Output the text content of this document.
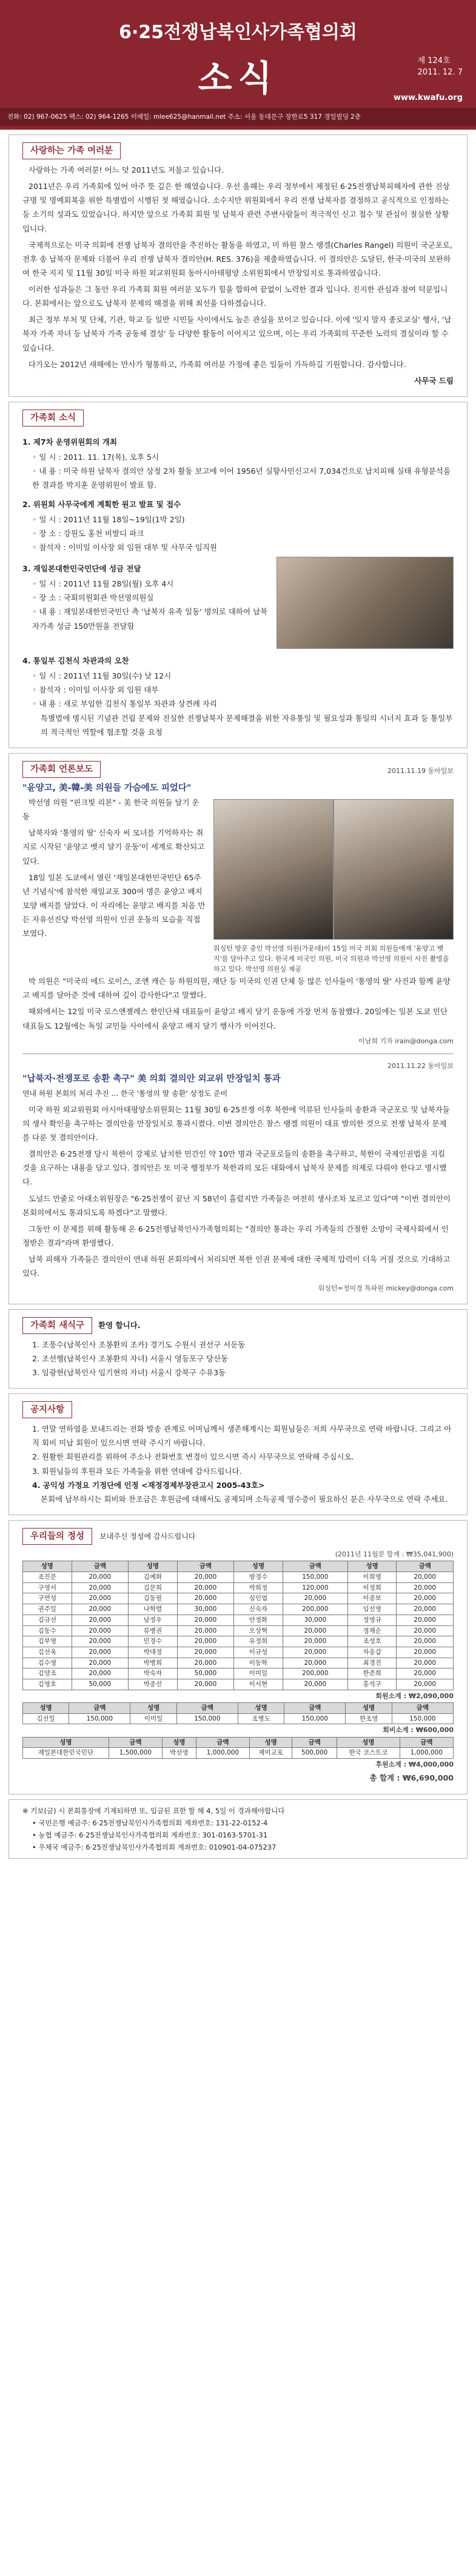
6·25전쟁납북인사가족협의회
소식	제 124호
2011. 12. 7
www.kwafu.org
전화: 02) 967-0625 팩스: 02) 964-1265 이메일: mlee625@hanmail.net 주소: 서울 동대문구 장한로5 317 경일빌딩 2층
사랑하는 가족 여러분

사랑하는 가족 여러분! 어느 덧 2011년도 저물고 있습니다.

2011년은 우리 가족회에 있어 아주 뜻 깊은 한 해였습니다. 우선 올해는 우리 정부에서 제정된 6·25전쟁납북피해자에 관한 진상규명 및 명예회복을 위한 특별법이 시행된 첫 해였습니다. 소수지만 위원회에서 우리 전쟁 납북자를 결정하고 공식적으로 인정하는 등 소기의 성과도 있었습니다. 하지만 앞으로 가족회 회원 및 납북자 관련 주변사람들이 적극적인 신고 접수 및 관심이 절실한 상황입니다.

국제적으로는 미국 의회에 전쟁 납북자 결의안을 추진하는 활동을 하였고, 미 하원 찰스 랭겔(Charles Rangel) 의원이 국군포로, 전후 송 납북자 문제와 더불어 우리 전쟁 납북자 결의안(H. RES. 376)을 제출하였습니다. 이 결의안은 도달된, 한국·미국의 보완하여 한국 지지 및 11월 30일 미국 하원 외교위원회 동아시아태평양 소위원회에서 만장일치로 통과하였습니다.

이러한 성과들은 그 동안 우리 가족회 회원 여러분 모두가 힘을 합하여 끝없이 노력한 결과 입니다. 진지한 관심과 참여 덕분입니다. 본회에서는 앞으로도 납북자 문제의 해결을 위해 최선을 다하겠습니다.

최근 정부 부처 및 단체, 기관, 학교 등 일반 시민들 사이에서도 높은 관심을 보이고 있습니다. 이에 '잊지 말자 종로교실' 행사, '납북자 가족 자녀 등 납북자 가족 공동체 결성' 등 다양한 활동이 이어지고 있으며, 이는 우리 가족회의 꾸준한 노력의 결실이라 할 수 있습니다.

다가오는 2012년 새해에는 만사가 형통하고, 가족회 여러분 가정에 좋은 일들이 가득하길 기원합니다. 감사합니다.

사무국 드림
가족회 소식
1. 제7차 운영위원회의 개최
◦ 일 시 : 2011. 11. 17(목), 오후 5시
◦ 내 용 : 미국 하원 납북자 결의안 상정 2차 활동 보고에 이어 1956년 실향사민신고서 7,034건으로 납치피해 실태 유형분석을 한 결과를 박지훈 운영위원이 발표 함.
2. 위원회 사무국에게 계획한 원고 발표 및 접수
◦ 일 시 : 2011년 11월 18일~19일(1박 2일)
◦ 장 소 : 강원도 홍천 비발디 파크
◦ 참석자 : 이미일 이사장 외 임원 대부 및 사무국 임직원
3. 재일본대한민국민단에 성금 전달
◦ 일 시 : 2011년 11월 28일(월) 오후 4시
◦ 장 소 : 국회의원회관 박선영의원실
◦ 내 용 : 재일본대한민국민단 측 '납북자 유족 일동' 명의로 대하여 납북자가족 성금 150만원을 전달함
4. 통일부 김천식 차관과의 오찬
◦ 일 시 : 2011년 11월 30일(수) 낮 12시
◦ 참석자 : 이미일 이사장 외 임원 대부
◦ 내 용 : 새로 부임한 김천식 통일부 차관과 상견례 자리
특별법에 명시된 기념관 건립 문제와 진실한 전쟁납북자 문제해결을 위한 자유통일 및 필요성과 통일의 시너지 효과 등 통일부의 적극적인 역할에 협조할 것을 요청
가족회 언론보도	2011.11.19 동아일보
"윤양고, 美-韓-美 의원들 가슴에도 피었다"

박선영 의원 "핀크빛 리본" - 美 한국 의원들 달기 운동

납북자와 '통영의 딸' 신숙자 씨 모녀를 기억하자는 취지로 시작된 '윤양고 뱃지 달기 운동'이 세계로 확산되고 있다.

18일 일본 도쿄에서 열린 '재일본대한민국민단 65주년 기념식'에 참석한 재일교포 300여 명은 윤양고 배지 모양 배지를 달았다. 이 자리에는 윤양고 배지를 처음 만든 자유선진당 박선영 의원이 인권 운동의 모습을 직접 보였다.

워싱턴 방문 중인 박선영 의원(가운데)이 15일 미국 의회 의원들에게 '윤양고 뱃지'를 달아주고 있다. 한국계 미국인 의원, 미국 의원과 박선영 의원이 사진 촬영을 하고 있다. 박선영 의원실 제공

박 의원은 "미국의 에드 로이스, 조앤 캐슨 등 하원의원, 재단 등 미국의 인권 단체 등 많은 인사들이 '통영의 딸' 사진과 함께 윤양고 배지를 달아준 것에 대하여 깊이 감사한다"고 말했다.

해외에서는 12일 미국 로스앤젤레스 한인단체 대표들이 윤양고 배지 달기 운동에 가장 먼저 동참했다. 20일에는 일본 도쿄 민단 대표들도 12월에는 독일 교민들 사이에서 윤양고 배지 달기 행사가 이어진다.

이남희 기자 irain@donga.com
2011.11.22 동아일보
"납북자·전쟁포로 송환 촉구" 美 의회 결의안 외교위 만장일치 통과
연내 하원 본회의 처리 추진 ... 한국 '통영의 딸 송환' 상정도 준비

미국 하원 외교위원회 아시아태평양소위원회는 11월 30일 6·25전쟁 이후 북한에 억류된 인사들의 송환과 국군포로 및 납북자들의 생사 확인을 촉구하는 결의안을 만장일치로 통과시켰다. 이번 결의안은 찰스 랭겔 의원이 대표 발의한 것으로 전쟁 납북자 문제를 다룬 첫 결의안이다.

결의안은 6·25전쟁 당시 북한이 강제로 납치한 민간인 약 10만 명과 국군포로들의 송환을 촉구하고, 북한이 국제인권법을 지킬 것을 요구하는 내용을 담고 있다. 결의안은 또 미국 행정부가 북한과의 모든 대화에서 납북자 문제를 의제로 다뤄야 한다고 명시했다.

도널드 만줄로 아태소위원장은 "6·25전쟁이 끝난 지 58년이 흘렀지만 가족들은 여전히 생사조차 모르고 있다"며 "이번 결의안이 본회의에서도 통과되도록 하겠다"고 말했다.

그동안 이 문제를 위해 활동해 온 6·25전쟁납북인사가족협의회는 "결의안 통과는 우리 가족들의 간절한 소망이 국제사회에서 인정받은 결과"라며 환영했다.

납북 피해자 가족들은 결의안이 연내 하원 본회의에서 처리되면 북한 인권 문제에 대한 국제적 압력이 더욱 커질 것으로 기대하고 있다.

워싱턴=정미경 특파원 mickey@donga.com
가족회 새식구 환영 합니다.
1. 조풍수(납북인사 조봉환의 조카) 경기도 수원시 권선구 서둔동
2. 조선행(납북인사 조봉환의 자녀) 서울시 영등포구 당산동
3. 임광현(납북인사 임기현의 자녀) 서울시 강북구 수유3동
공지사항
1. 연말 연하엽을 보내드리는 전화 발송 관계로 어머님께서 생존해계시는 회원님들은 저희 사무국으로 연락 바랍니다. 그리고 아직 회비 미납 회원이 있으시면 연락 주시기 바랍니다.
2. 원활한 회원관리를 위하여 주소나 전화번호 변경이 있으시면 즉시 사무국으로 연락해 주십시오.
3. 회원님들의 후원과 모든 가족들을 위한 연대에 감사드립니다.
4. 공익성 가정요 기정단에 인정 <재정경제부장관고시 2005-43호>
본회에 납부하시는 회비와 찬조금은 후원금에 대해서도 공제되며 소득공제 영수증이 필요하신 분은 사무국으로 연락 주세요.
우리들의 정성 보내주신 정성에 감사드립니다
(2011년 11월분 합계 : ₩35,041,900)
성명	금액	성명	금액	성명	금액	성명	금액
조진문	20,000	김예화	20,000	방경수	150,000	이희영	20,000
구영서	20,000	김문희	20,000	박희정	120,000	이정희	20,000
구연성	20,000	김동필	20,000	심인엽	20,000	이종보	20,000
권주일	20,000	나학렬	30,000	신숙자	200,000	임선영	20,000
김규선	20,000	남정우	20,000	안정화	30,000	정영규	20,000
김동수	20,000	류병권	20,000	오상혁	20,000	정재순	20,000
김부영	20,000	민경수	20,000	유정희	20,000	조성호	20,000
김선욱	20,000	박대정	20,000	이규성	20,000	차웅갑	20,000
김수영	20,000	박병희	20,000	이동학	20,000	최경진	20,000
김양조	20,000	박숙자	50,000	이미일	200,000	한준희	20,000
김영호	50,000	박종선	20,000	이서현	20,000	홍석구	20,000
회원소계 : ₩2,090,000
성명	금액	성명	금액	성명	금액	성명	금액
김선일	150,000	이미일	150,000	조병도	150,000	한조영	150,000
회비소계 : ₩600,000
성명	금액	성명	금액	성명	금액	성명	금액
재일본대한민국민단	1,500,000	박선영	1,000,000	재미교포	500,000	한국 코스트코	1,000,000
후원소계 : ₩4,000,000
총 합계 : ₩6,690,000
※ 기보(금) 시 본회통장에 기재되하면 또, 입금된 표한 할 해 4, 5일 이 경과해야합니다
• 국민은행 예금주: 6·25전쟁납북인사가족협의회 계좌번호: 131-22-0152-4
• 농협 예금주: 6·25전쟁납북인사가족협의회 계좌번호: 301-0163-5701-31
• 우체국 예금주: 6·25전쟁납북인사가족협의회 계좌번호: 010901-04-075237
